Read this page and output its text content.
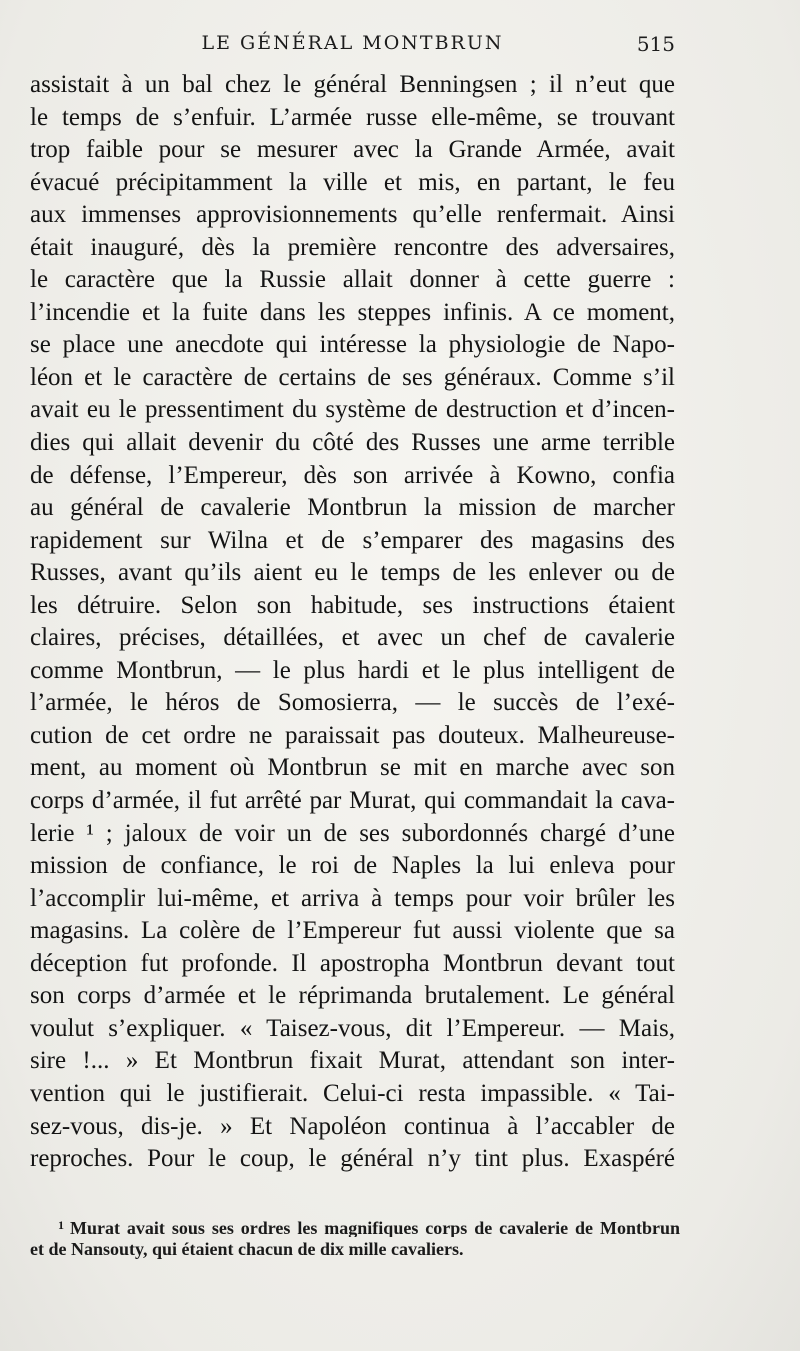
LE GÉNÉRAL MONTBRUN	515
assistait à un bal chez le général Benningsen ; il n’eut que
le temps de s’enfuir. L’armée russe elle-même, se trouvant
trop faible pour se mesurer avec la Grande Armée, avait
évacué précipitamment la ville et mis, en partant, le feu
aux immenses approvisionnements qu’elle renfermait. Ainsi
était inauguré, dès la première rencontre des adversaires,
le caractère que la Russie allait donner à cette guerre :
l’incendie et la fuite dans les steppes infinis. A ce moment,
se place une anecdote qui intéresse la physiologie de Napo-
léon et le caractère de certains de ses généraux. Comme s’il
avait eu le pressentiment du système de destruction et d’incen-
dies qui allait devenir du côté des Russes une arme terrible
de défense, l’Empereur, dès son arrivée à Kowno, confia
au général de cavalerie Montbrun la mission de marcher
rapidement sur Wilna et de s’emparer des magasins des
Russes, avant qu’ils aient eu le temps de les enlever ou de
les détruire. Selon son habitude, ses instructions étaient
claires, précises, détaillées, et avec un chef de cavalerie
comme Montbrun, — le plus hardi et le plus intelligent de
l’armée, le héros de Somosierra, — le succès de l’exé-
cution de cet ordre ne paraissait pas douteux. Malheureuse-
ment, au moment où Montbrun se mit en marche avec son
corps d’armée, il fut arrêté par Murat, qui commandait la cava-
lerie ¹ ; jaloux de voir un de ses subordonnés chargé d’une
mission de confiance, le roi de Naples la lui enleva pour
l’accomplir lui-même, et arriva à temps pour voir brûler les
magasins. La colère de l’Empereur fut aussi violente que sa
déception fut profonde. Il apostropha Montbrun devant tout
son corps d’armée et le réprimanda brutalement. Le général
voulut s’expliquer. « Taisez-vous, dit l’Empereur. — Mais,
sire !... » Et Montbrun fixait Murat, attendant son inter-
vention qui le justifierait. Celui-ci resta impassible. « Tai-
sez-vous, dis-je. » Et Napoléon continua à l’accabler de
reproches. Pour le coup, le général n’y tint plus. Exaspéré
$^1$ Murat avait sous ses ordres les magnifiques corps de cavalerie de Montbrun
et de Nansouty, qui étaient chacun de dix mille cavaliers.
